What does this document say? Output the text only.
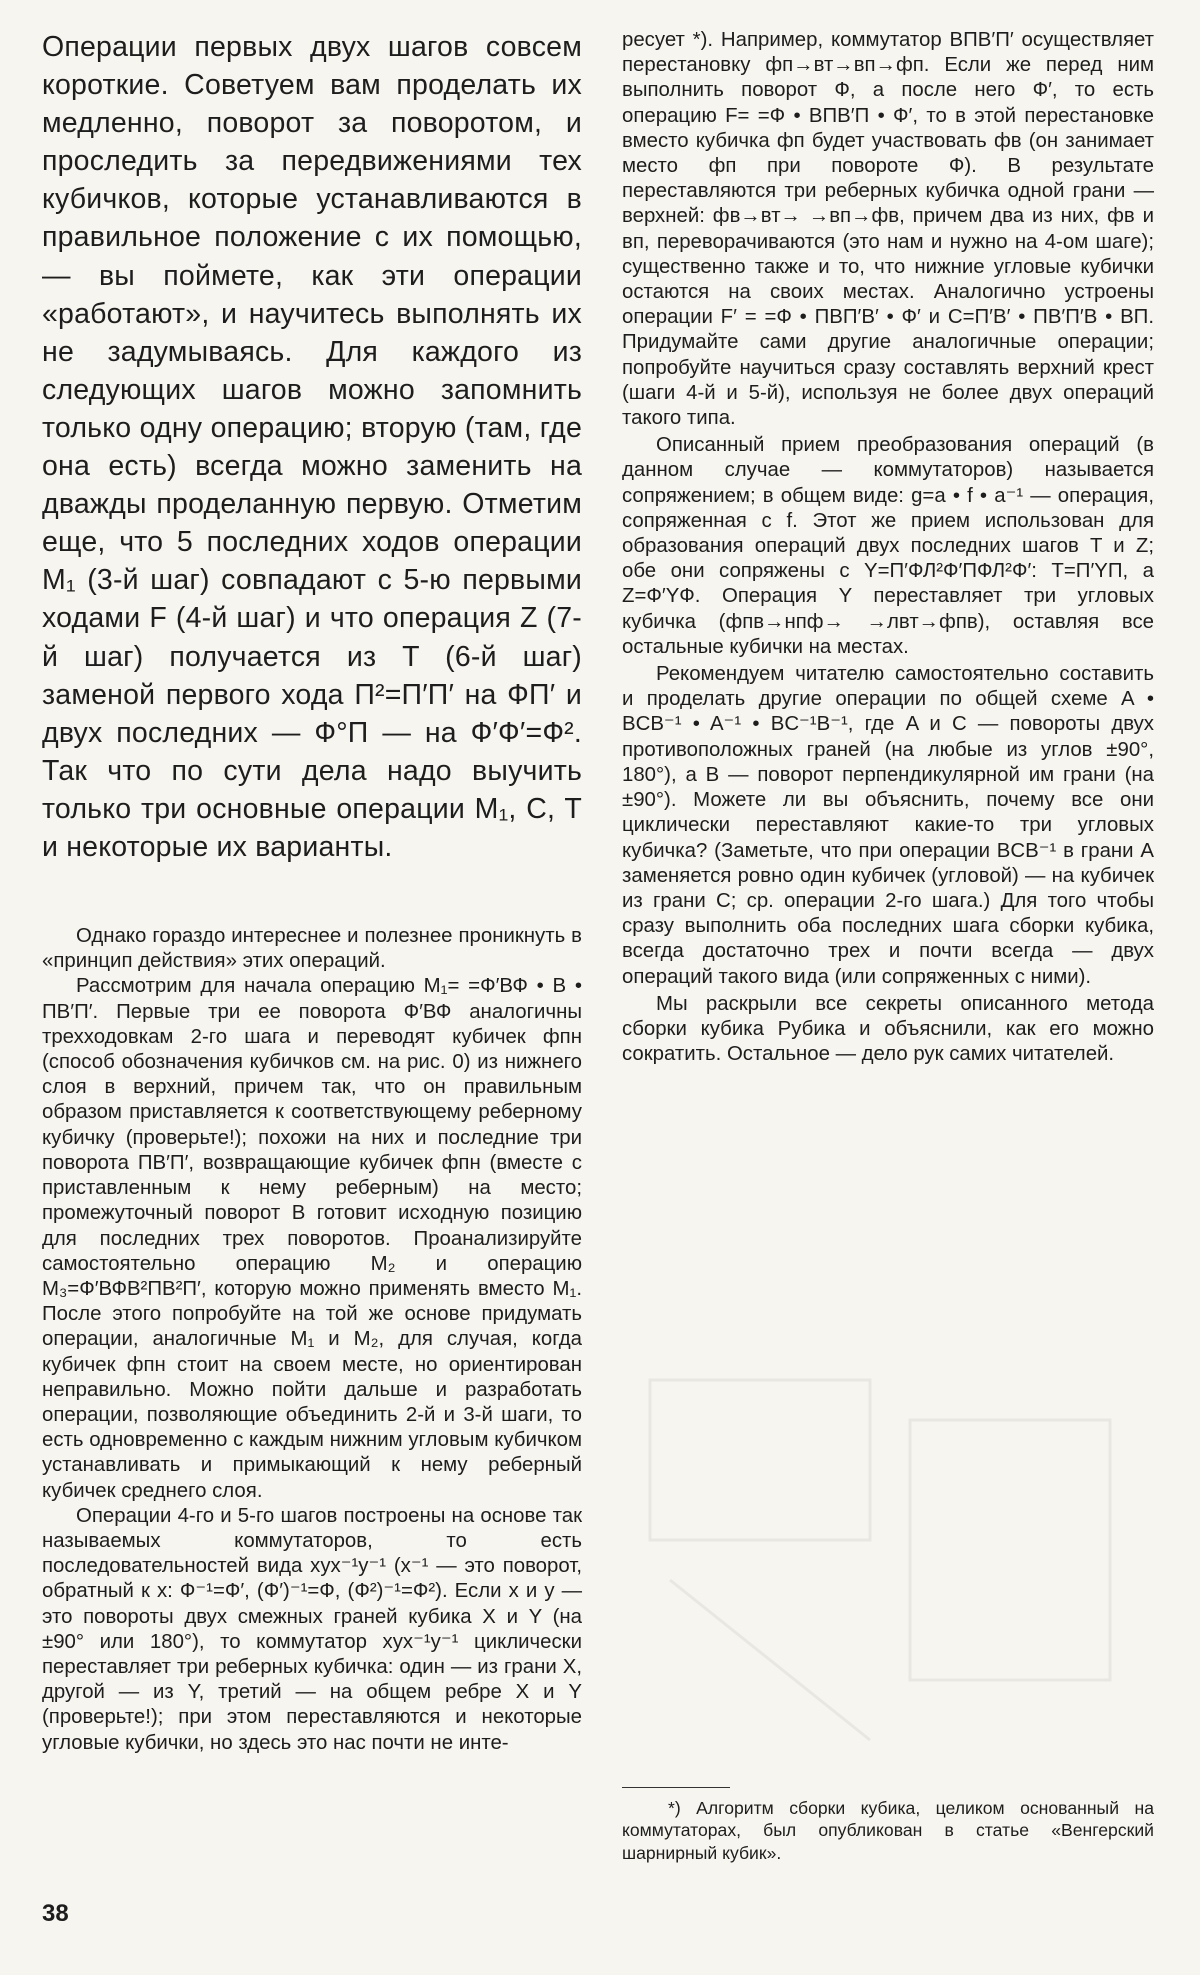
Операции первых двух шагов совсем короткие. Советуем вам проделать их медленно, поворот за поворотом, и проследить за передвижениями тех кубичков, которые устанавливаются в правильное положение с их помощью, — вы поймете, как эти операции «работают», и научитесь выполнять их не задумываясь. Для каждого из следующих шагов можно запомнить только одну операцию; вторую (там, где она есть) всегда можно заменить на дважды проделанную первую. Отметим еще, что 5 последних ходов операции M₁ (3-й шаг) совпадают с 5-ю первыми ходами F (4-й шаг) и что операция Z (7-й шаг) получается из T (6-й шаг) заменой первого хода П²=П′П′ на ФП′ и двух последних — Ф°П — на Ф′Ф′=Ф². Так что по сути дела надо выучить только три основные операции M₁, C, T и некоторые их варианты.

Однако гораздо интереснее и полезнее проникнуть в «принцип действия» этих операций.

Рассмотрим для начала операцию M₁= =Ф′ВФ • В • ПВ′П′. Первые три ее поворота Ф′ВФ аналогичны трехходовкам 2-го шага и переводят кубичек фпн (способ обозначения кубичков см. на рис. 0) из нижнего слоя в верхний, причем так, что он правильным образом приставляется к соответствующему реберному кубичку (проверьте!); похожи на них и последние три поворота ПВ′П′, возвращающие кубичек фпн (вместе с приставленным к нему реберным) на место; промежуточный поворот В готовит исходную позицию для последних трех поворотов. Проанализируйте самостоятельно операцию M₂ и операцию M₃=Ф′ВФВ²ПВ²П′, которую можно применять вместо M₁. После этого попробуйте на той же основе придумать операции, аналогичные M₁ и M₂, для случая, когда кубичек фпн стоит на своем месте, но ориентирован неправильно. Можно пойти дальше и разработать операции, позволяющие объединить 2-й и 3-й шаги, то есть одновременно с каждым нижним угловым кубичком устанавливать и примыкающий к нему реберный кубичек среднего слоя.

Операции 4-го и 5-го шагов построены на основе так называемых коммутаторов, то есть последовательностей вида xyx⁻¹y⁻¹ (x⁻¹ — это поворот, обратный к x: Ф⁻¹=Ф′, (Ф′)⁻¹=Ф, (Ф²)⁻¹=Ф²). Если x и y — это повороты двух смежных граней кубика X и Y (на ±90° или 180°), то коммутатор xyx⁻¹y⁻¹ циклически переставляет три реберных кубичка: один — из грани X, другой — из Y, третий — на общем ребре X и Y (проверьте!); при этом переставляются и некоторые угловые кубички, но здесь это нас почти не инте-

ресует *). Например, коммутатор ВПВ′П′ осуществляет перестановку фп→вт→вп→фп. Если же перед ним выполнить поворот Ф, а после него Ф′, то есть операцию F= =Ф • ВПВ′П • Ф′, то в этой перестановке вместо кубичка фп будет участвовать фв (он занимает место фп при повороте Ф). В результате переставляются три реберных кубичка одной грани — верхней: фв→вт→ →вп→фв, причем два из них, фв и вп, переворачиваются (это нам и нужно на 4-ом шаге); существенно также и то, что нижние угловые кубички остаются на своих местах. Аналогично устроены операции F′ = =Ф • ПВП′В′ • Ф′ и C=П′В′ • ПВ′П′В • ВП. Придумайте сами другие аналогичные операции; попробуйте научиться сразу составлять верхний крест (шаги 4-й и 5-й), используя не более двух операций такого типа.

Описанный прием преобразования операций (в данном случае — коммутаторов) называется сопряжением; в общем виде: g=a • f • a⁻¹ — операция, сопряженная с f. Этот же прием использован для образования операций двух последних шагов T и Z; обе они сопряжены с Y=П′ФЛ²Ф′ПФЛ²Ф′: T=П′YП, а Z=Ф′YФ. Операция Y переставляет три угловых кубичка (фпв→нпф→ →лвт→фпв), оставляя все остальные кубички на местах.

Рекомендуем читателю самостоятельно составить и проделать другие операции по общей схеме A • BCB⁻¹ • A⁻¹ • BC⁻¹B⁻¹, где A и C — повороты двух противоположных граней (на любые из углов ±90°, 180°), а B — поворот перпендикулярной им грани (на ±90°). Можете ли вы объяснить, почему все они циклически переставляют какие-то три угловых кубичка? (Заметьте, что при операции BCB⁻¹ в грани A заменяется ровно один кубичек (угловой) — на кубичек из грани C; ср. операции 2-го шага.) Для того чтобы сразу выполнить оба последних шага сборки кубика, всегда достаточно трех и почти всегда — двух операций такого вида (или сопряженных с ними).

Мы раскрыли все секреты описанного метода сборки кубика Рубика и объяснили, как его можно сократить. Остальное — дело рук самих читателей.

*) Алгоритм сборки кубика, целиком основанный на коммутаторах, был опубликован в статье «Венгерский шарнирный кубик».

38
